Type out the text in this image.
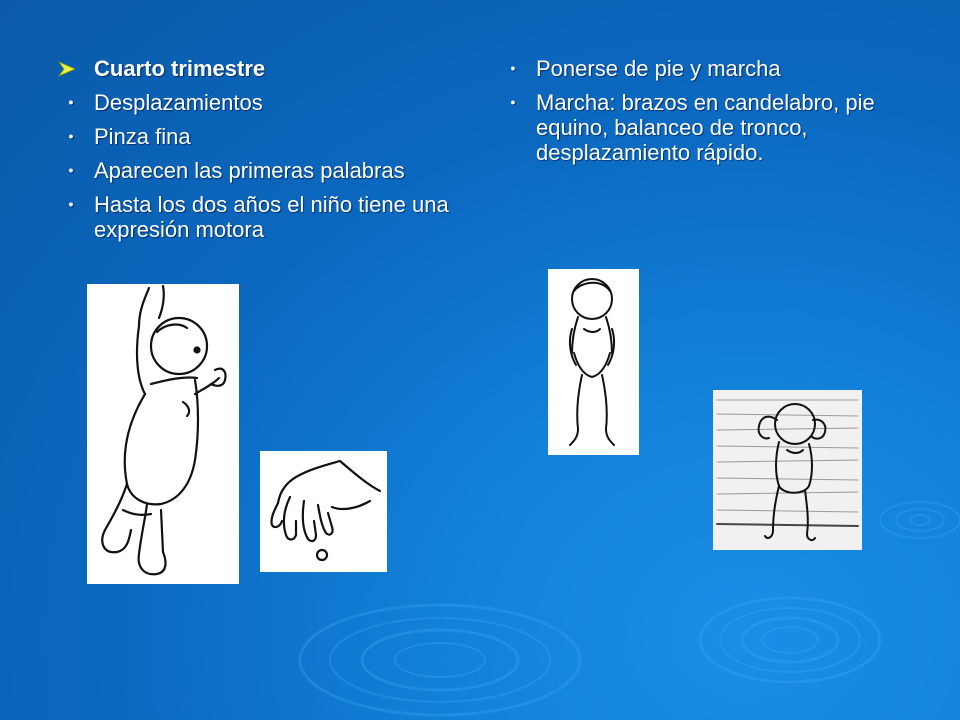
Cuarto trimestre
● Desplazamientos
● Pinza fina
● Aparecen las primeras palabras
● Hasta los dos años el niño tiene una expresión motora
● Ponerse de pie y marcha
● Marcha: brazos en candelabro, pie equino, balanceo de tronco, desplazamiento rápido.
